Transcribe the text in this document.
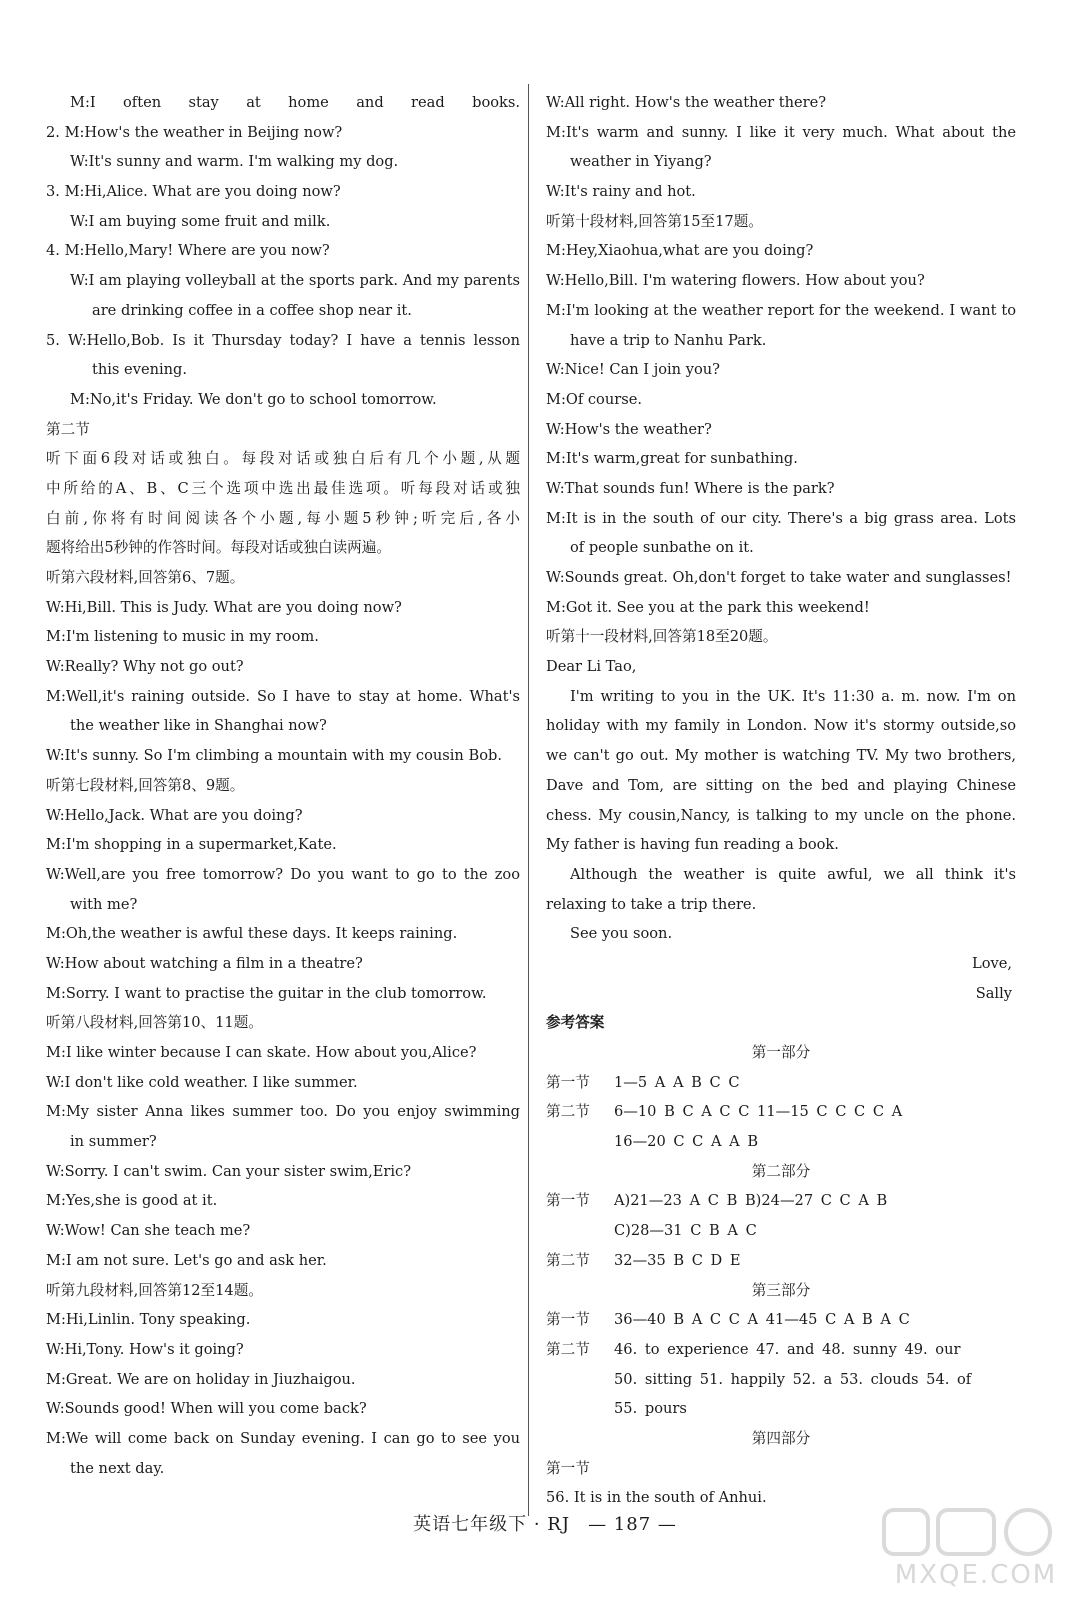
M:I often stay at home and read books.
2. M:How's the weather in Beijing now?
W:It's sunny and warm. I'm walking my dog.
3. M:Hi,Alice. What are you doing now?
W:I am buying some fruit and milk.
4. M:Hello,Mary! Where are you now?
W:I am playing volleyball at the sports park. And my parents
are drinking coffee in a coffee shop near it.
5. W:Hello,Bob. Is it Thursday today? I have a tennis lesson
this evening.
M:No,it's Friday. We don't go to school tomorrow.
第二节
听下面6段对话或独白。每段对话或独白后有几个小题,从题
中所给的A、B、C三个选项中选出最佳选项。听每段对话或独
白前,你将有时间阅读各个小题,每小题5秒钟;听完后,各小
题将给出5秒钟的作答时间。每段对话或独白读两遍。
听第六段材料,回答第6、7题。
W:Hi,Bill. This is Judy. What are you doing now?
M:I'm listening to music in my room.
W:Really? Why not go out?
M:Well,it's raining outside. So I have to stay at home. What's
the weather like in Shanghai now?
W:It's sunny. So I'm climbing a mountain with my cousin Bob.
听第七段材料,回答第8、9题。
W:Hello,Jack. What are you doing?
M:I'm shopping in a supermarket,Kate.
W:Well,are you free tomorrow? Do you want to go to the zoo
with me?
M:Oh,the weather is awful these days. It keeps raining.
W:How about watching a film in a theatre?
M:Sorry. I want to practise the guitar in the club tomorrow.
听第八段材料,回答第10、11题。
M:I like winter because I can skate. How about you,Alice?
W:I don't like cold weather. I like summer.
M:My sister Anna likes summer too. Do you enjoy swimming
in summer?
W:Sorry. I can't swim. Can your sister swim,Eric?
M:Yes,she is good at it.
W:Wow! Can she teach me?
M:I am not sure. Let's go and ask her.
听第九段材料,回答第12至14题。
M:Hi,Linlin. Tony speaking.
W:Hi,Tony. How's it going?
M:Great. We are on holiday in Jiuzhaigou.
W:Sounds good! When will you come back?
M:We will come back on Sunday evening. I can go to see you
the next day.
W:All right. How's the weather there?
M:It's warm and sunny. I like it very much. What about the
weather in Yiyang?
W:It's rainy and hot.
听第十段材料,回答第15至17题。
M:Hey,Xiaohua,what are you doing?
W:Hello,Bill. I'm watering flowers. How about you?
M:I'm looking at the weather report for the weekend. I want to
have a trip to Nanhu Park.
W:Nice! Can I join you?
M:Of course.
W:How's the weather?
M:It's warm,great for sunbathing.
W:That sounds fun! Where is the park?
M:It is in the south of our city. There's a big grass area. Lots
of people sunbathe on it.
W:Sounds great. Oh,don't forget to take water and sunglasses!
M:Got it. See you at the park this weekend!
听第十一段材料,回答第18至20题。
Dear Li Tao,
I'm writing to you in the UK. It's 11:30 a. m. now. I'm on
holiday with my family in London. Now it's stormy outside,so
we can't go out. My mother is watching TV. My two brothers,
Dave and Tom, are sitting on the bed and playing Chinese
chess. My cousin,Nancy, is talking to my uncle on the phone.
My father is having fun reading a book.
Although the weather is quite awful, we all think it's
relaxing to take a trip there.
See you soon.
Love,
Sally
参考答案
第一部分
第一节	1—5 A A B C C
第二节	6—10 B C A C C 11—15 C C C C A
16—20 C C A A B
第二部分
第一节	A)21—23 A C B B)24—27 C C A B
C)28—31 C B A C
第二节	32—35 B C D E
第三部分
第一节	36—40 B A C C A 41—45 C A B A C
第二节	46. to experience 47. and 48. sunny 49. our
50. sitting 51. happily 52. a 53. clouds 54. of
55. pours
第四部分
第一节
56. It is in the south of Anhui.
英语七年级下 · RJ — 187 —
MXQE.COM
